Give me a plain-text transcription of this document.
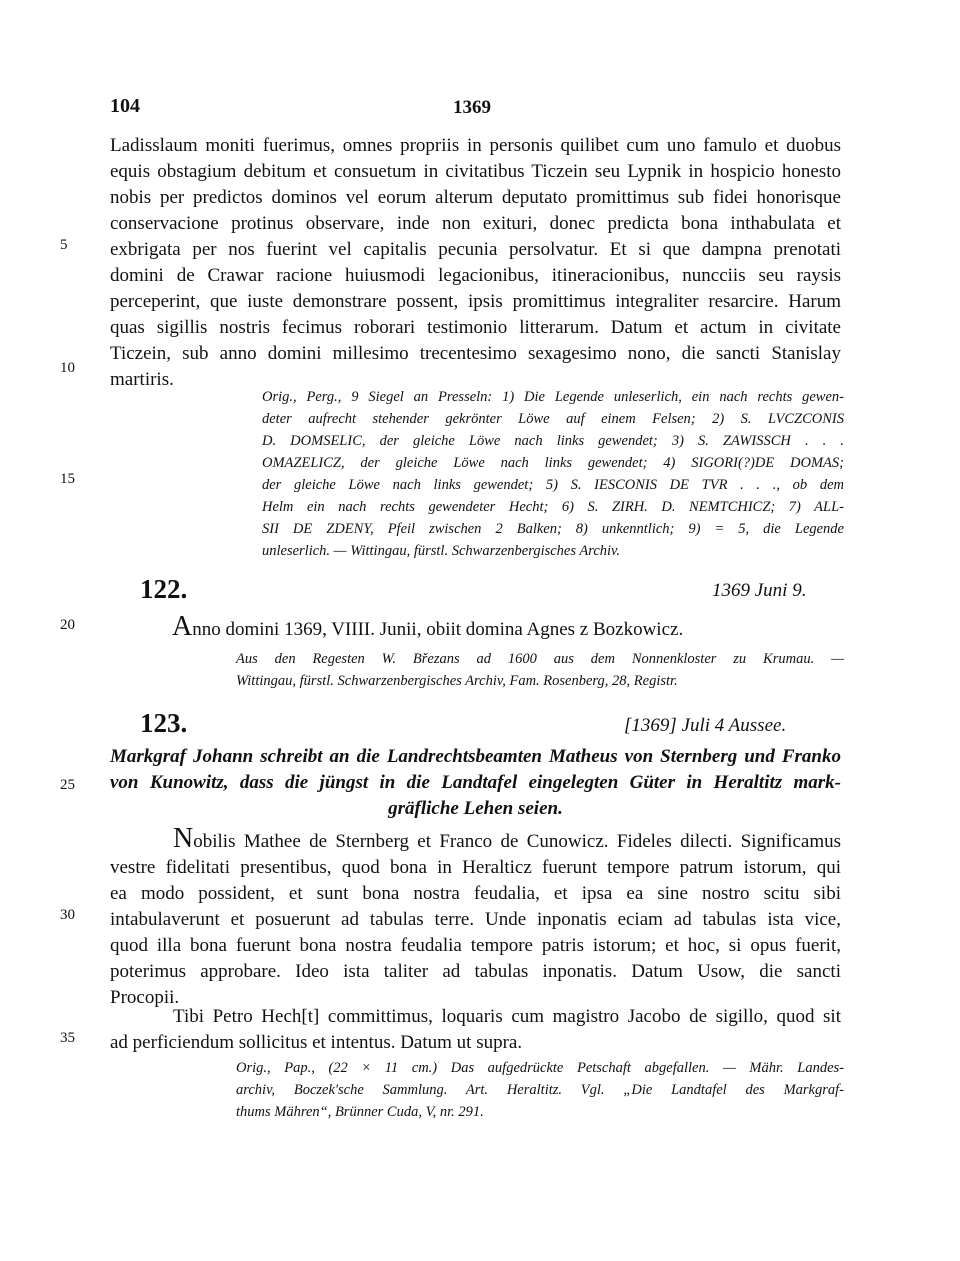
104	1369
5
10
15
20
25
30
35
Ladisslaum moniti fuerimus, omnes propriis in personis quilibet cum uno famulo et duobus
equis obstagium debitum et consuetum in civitatibus Ticzein seu Lypnik in hospicio honesto
nobis per predictos dominos vel eorum alterum deputato promittimus sub fidei honorisque
conservacione protinus observare, inde non exituri, donec predicta bona inthabulata et
exbrigata per nos fuerint vel capitalis pecunia persolvatur. Et si que dampna prenotati
domini de Crawar racione huiusmodi legacionibus, itineracionibus, nuncciis seu raysis
perceperint, que iuste demonstrare possent, ipsis promittimus integraliter resarcire. Harum
quas sigillis nostris fecimus roborari testimonio litterarum. Datum et actum in civitate
Ticzein, sub anno domini millesimo trecentesimo sexagesimo nono, die sancti Stanislay
martiris.
Orig., Perg., 9 Siegel an Presseln: 1) Die Legende unleserlich, ein nach rechts gewen-
deter aufrecht stehender gekrönter Löwe auf einem Felsen; 2) S. LVCZCONIS
D. DOMSELIC, der gleiche Löwe nach links gewendet; 3) S. ZAWISSCH . . .
OMAZELICZ, der gleiche Löwe nach links gewendet; 4) SIGORI(?)DE DOMAS;
der gleiche Löwe nach links gewendet; 5) S. IESCONIS DE TVR . . ., ob dem
Helm ein nach rechts gewendeter Hecht; 6) S. ZIRH. D. NEMTCHICZ; 7) ALL-
SII DE ZDENY, Pfeil zwischen 2 Balken; 8) unkenntlich; 9) = 5, die Legende
unleserlich. — Wittingau, fürstl. Schwarzenbergisches Archiv.
122.	1369 Juni 9.
Anno domini 1369, VIIII. Junii, obiit domina Agnes z Bozkowicz.
Aus den Regesten W. Březans ad 1600 aus dem Nonnenkloster zu Krumau. —
Wittingau, fürstl. Schwarzenbergisches Archiv, Fam. Rosenberg, 28, Registr.
123.	[1369] Juli 4 Aussee.
Markgraf Johann schreibt an die Landrechtsbeamten Matheus von Sternberg und Franko
von Kunowitz, dass die jüngst in die Landtafel eingelegten Güter in Heraltitz mark-
gräfliche Lehen seien.
Nobilis Mathee de Sternberg et Franco de Cunowicz. Fideles dilecti. Significamus
vestre fidelitati presentibus, quod bona in Heralticz fuerunt tempore patrum istorum, qui
ea modo possident, et sunt bona nostra feudalia, et ipsa ea sine nostro scitu sibi
intabulaverunt et posuerunt ad tabulas terre. Unde inponatis eciam ad tabulas ista vice,
quod illa bona fuerunt bona nostra feudalia tempore patris istorum; et hoc, si opus fuerit,
poterimus approbare. Ideo ista taliter ad tabulas inponatis. Datum Usow, die sancti
Procopii.
Tibi Petro Hech[t] committimus, loquaris cum magistro Jacobo de sigillo, quod sit
ad perficiendum sollicitus et intentus. Datum ut supra.
Orig., Pap., (22 × 11 cm.) Das aufgedrückte Petschaft abgefallen. — Mähr. Landes-
archiv, Boczek'sche Sammlung. Art. Heraltitz. Vgl. „Die Landtafel des Markgraf-
thums Mähren“, Brünner Cuda, V, nr. 291.
